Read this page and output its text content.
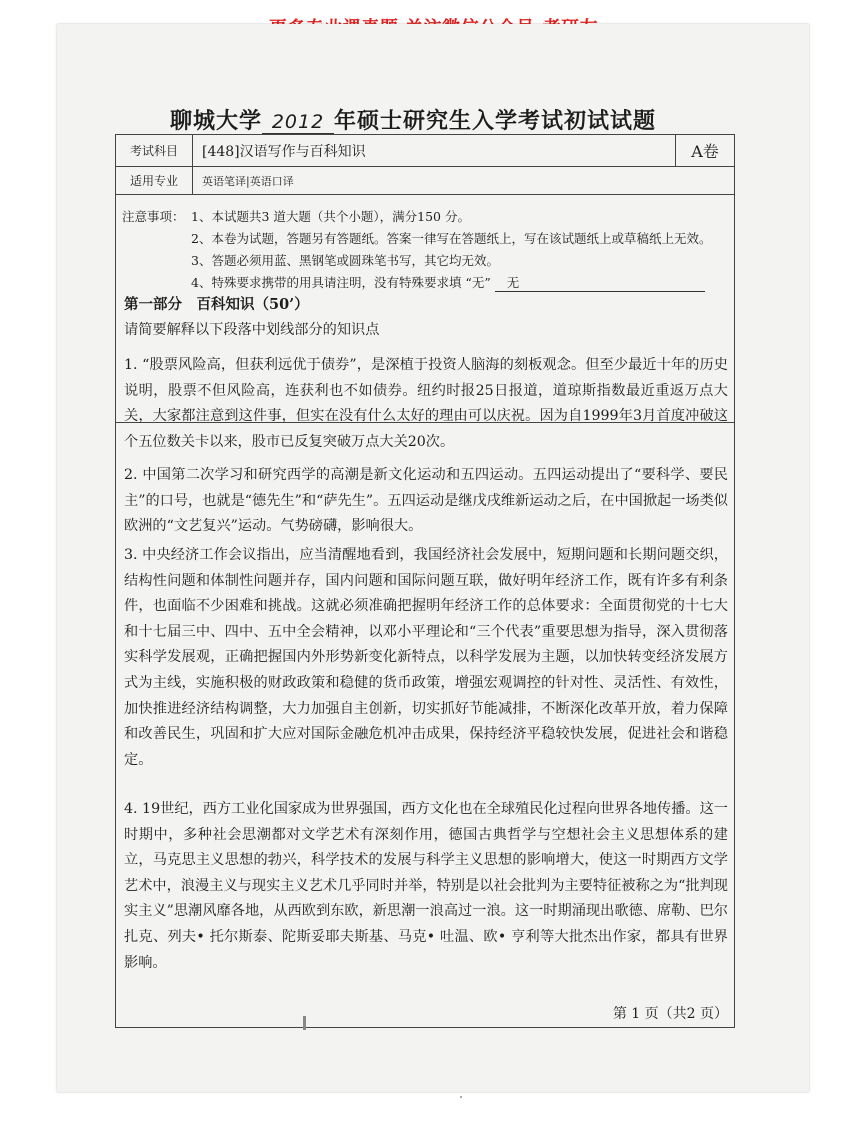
聊城大学 2012 年硕士研究生入学考试初试试题
考试科目	[448]汉语写作与百科知识	A卷
适用专业	英语笔译|英语口译
注意事项： 1、本试题共3 道大题（共个小题），满分150 分。
2、本卷为试题，答题另有答题纸。答案一律写在答题纸上，写在该试题纸上或草稿纸上无效。
3、答题必须用蓝、黑钢笔或圆珠笔书写，其它均无效。
4、特殊要求携带的用具请注明，没有特殊要求填 “无” 无
第一部分　百科知识（50’）
请简要解释以下段落中划线部分的知识点
1. “股票风险高，但获利远优于债券”，是深植于投资人脑海的刻板观念。但至少最近十年的历史说明，股票不但风险高，连获利也不如债券。纽约时报25日报道，道琼斯指数最近重返万点大关，大家都注意到这件事，但实在没有什么太好的理由可以庆祝。因为自1999年3月首度冲破这个五位数关卡以来，股市已反复突破万点大关20次。
2. 中国第二次学习和研究西学的高潮是新文化运动和五四运动。五四运动提出了“要科学、要民主”的口号，也就是“德先生”和“萨先生”。五四运动是继戊戌维新运动之后，在中国掀起一场类似欧洲的“文艺复兴”运动。气势磅礴，影响很大。
3. 中央经济工作会议指出，应当清醒地看到，我国经济社会发展中，短期问题和长期问题交织，结构性问题和体制性问题并存，国内问题和国际问题互联，做好明年经济工作，既有许多有利条件，也面临不少困难和挑战。这就必须准确把握明年经济工作的总体要求：全面贯彻党的十七大和十七届三中、四中、五中全会精神，以邓小平理论和“三个代表”重要思想为指导，深入贯彻落实科学发展观，正确把握国内外形势新变化新特点，以科学发展为主题，以加快转变经济发展方式为主线，实施积极的财政政策和稳健的货币政策，增强宏观调控的针对性、灵活性、有效性，加快推进经济结构调整，大力加强自主创新，切实抓好节能减排，不断深化改革开放，着力保障和改善民生，巩固和扩大应对国际金融危机冲击成果，保持经济平稳较快发展，促进社会和谐稳定。
4. 19世纪，西方工业化国家成为世界强国，西方文化也在全球殖民化过程向世界各地传播。这一时期中，多种社会思潮都对文学艺术有深刻作用，德国古典哲学与空想社会主义思想体系的建立，马克思主义思想的勃兴，科学技术的发展与科学主义思想的影响增大，使这一时期西方文学艺术中，浪漫主义与现实主义艺术几乎同时并举，特别是以社会批判为主要特征被称之为“批判现实主义”思潮风靡各地，从西欧到东欧，新思潮一浪高过一浪。这一时期涌现出歌德、席勒、巴尔扎克、列夫• 托尔斯泰、陀斯妥耶夫斯基、马克• 吐温、欧• 亨利等大批杰出作家，都具有世界影响。
第 1 页（共2 页）
